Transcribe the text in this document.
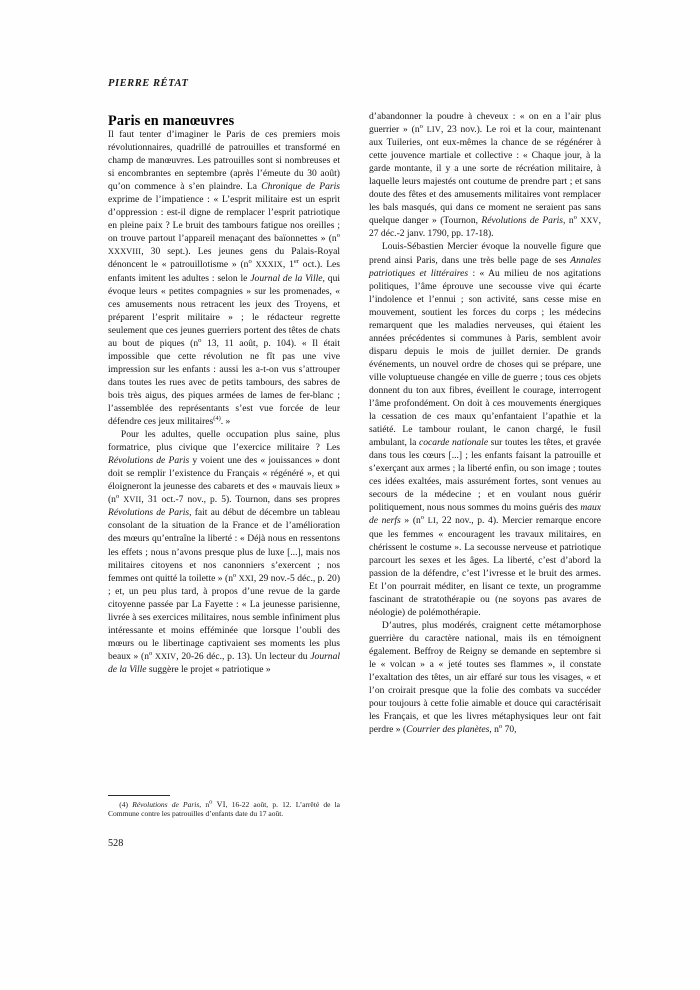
PIERRE RÉTAT
Paris en manœuvres

Il faut tenter d’imaginer le Paris de ces premiers mois révolutionnaires, quadrillé de patrouilles et transformé en champ de manœuvres. Les patrouilles sont si nombreuses et si encombrantes en septembre (après l’émeute du 30 août) qu’on commence à s’en plaindre. La Chronique de Paris exprime de l’impatience : « L’esprit militaire est un esprit d’oppression : est-il digne de remplacer l’esprit patriotique en pleine paix ? Le bruit des tambours fatigue nos oreilles ; on trouve partout l’appareil menaçant des baïonnettes » ($n^o$ XXXVIII, 30 sept.). Les jeunes gens du Palais-Royal dénoncent le « patrouillotisme » ($n^o$ XXXIX, 1er oct.). Les enfants imitent les adultes : selon le Journal de la Ville, qui évoque leurs « petites compagnies » sur les promenades, « ces amusements nous retracent les jeux des Troyens, et préparent l’esprit militaire » ; le rédacteur regrette seulement que ces jeunes guerriers portent des têtes de chats au bout de piques ($n^o$ 13, 11 août, p. 104). « Il était impossible que cette révolution ne fît pas une vive impression sur les enfants : aussi les a-t-on vus s’attrouper dans toutes les rues avec de petits tambours, des sabres de bois très aigus, des piques armées de lames de fer-blanc ; l’assemblée des représentants s’est vue forcée de leur défendre ces jeux militaires$^{(4)}$. »

Pour les adultes, quelle occupation plus saine, plus formatrice, plus civique que l’exercice militaire ? Les Révolutions de Paris y voient une des « jouissances » dont doit se remplir l’existence du Français « régénéré », et qui éloigneront la jeunesse des cabarets et des « mauvais lieux » ($n^o$ XVII, 31 oct.-7 nov., p. 5). Tournon, dans ses propres Révolutions de Paris, fait au début de décembre un tableau consolant de la situation de la France et de l’amélioration des mœurs qu’entraîne la liberté : « Déjà nous en ressentons les effets ; nous n’avons presque plus de luxe [...], mais nos militaires citoyens et nos canonniers s’exercent ; nos femmes ont quitté la toilette » ($n^o$ XXI, 29 nov.-5 déc., p. 20) ; et, un peu plus tard, à propos d’une revue de la garde citoyenne passée par La Fayette : « La jeunesse parisienne, livrée à ses exercices militaires, nous semble infiniment plus intéressante et moins efféminée que lorsque l’oubli des mœurs ou le libertinage captivaient ses moments les plus beaux » ($n^o$ XXIV, 20-26 déc., p. 13). Un lecteur du Journal de la Ville suggère le projet « patriotique »

d’abandonner la poudre à cheveux : « on en a l’air plus guerrier » ($n^o$ LIV, 23 nov.). Le roi et la cour, maintenant aux Tuileries, ont eux-mêmes la chance de se régénérer à cette jouvence martiale et collective : « Chaque jour, à la garde montante, il y a une sorte de récréation militaire, à laquelle leurs majestés ont coutume de prendre part ; et sans doute des fêtes et des amusements militaires vont remplacer les bals masqués, qui dans ce moment ne seraient pas sans quelque danger » (Tournon, Révolutions de Paris, $n^o$ XXV, 27 déc.-2 janv. 1790, pp. 17-18).

Louis-Sébastien Mercier évoque la nouvelle figure que prend ainsi Paris, dans une très belle page de ses Annales patriotiques et littéraires : « Au milieu de nos agitations politiques, l’âme éprouve une secousse vive qui écarte l’indolence et l’ennui ; son activité, sans cesse mise en mouvement, soutient les forces du corps ; les médecins remarquent que les maladies nerveuses, qui étaient les années précédentes si communes à Paris, semblent avoir disparu depuis le mois de juillet dernier. De grands événements, un nouvel ordre de choses qui se prépare, une ville voluptueuse changée en ville de guerre ; tous ces objets donnent du ton aux fibres, éveillent le courage, interrogent l’âme profondément. On doit à ces mouvements énergiques la cessation de ces maux qu’enfantaient l’apathie et la satiété. Le tambour roulant, le canon chargé, le fusil ambulant, la cocarde nationale sur toutes les têtes, et gravée dans tous les cœurs [...] ; les enfants faisant la patrouille et s’exerçant aux armes ; la liberté enfin, ou son image ; toutes ces idées exaltées, mais assurément fortes, sont venues au secours de la médecine ; et en voulant nous guérir politiquement, nous nous sommes du moins guéris des maux de nerfs » ($n^o$ LI, 22 nov., p. 4). Mercier remarque encore que les femmes « encouragent les travaux militaires, en chérissent le costume ». La secousse nerveuse et patriotique parcourt les sexes et les âges. La liberté, c’est d’abord la passion de la défendre, c’est l’ivresse et le bruit des armes. Et l’on pourrait méditer, en lisant ce texte, un programme fascinant de stratothérapie ou (ne soyons pas avares de néologie) de polémothérapie.

D’autres, plus modérés, craignent cette métamorphose guerrière du caractère national, mais ils en témoignent également. Beffroy de Reigny se demande en septembre si le « volcan » a « jeté toutes ses flammes », il constate l’exaltation des têtes, un air effaré sur tous les visages, « et l’on croirait presque que la folie des combats va succéder pour toujours à cette folie aimable et douce qui caractérisait les Français, et que les livres métaphysiques leur ont fait perdre » (Courrier des planètes, $n^o$ 70,

(4) Révolutions de Paris, no VI, 16-22 août, p. 12. L’arrêté de la Commune contre les patrouilles d’enfants date du 17 août.

528
